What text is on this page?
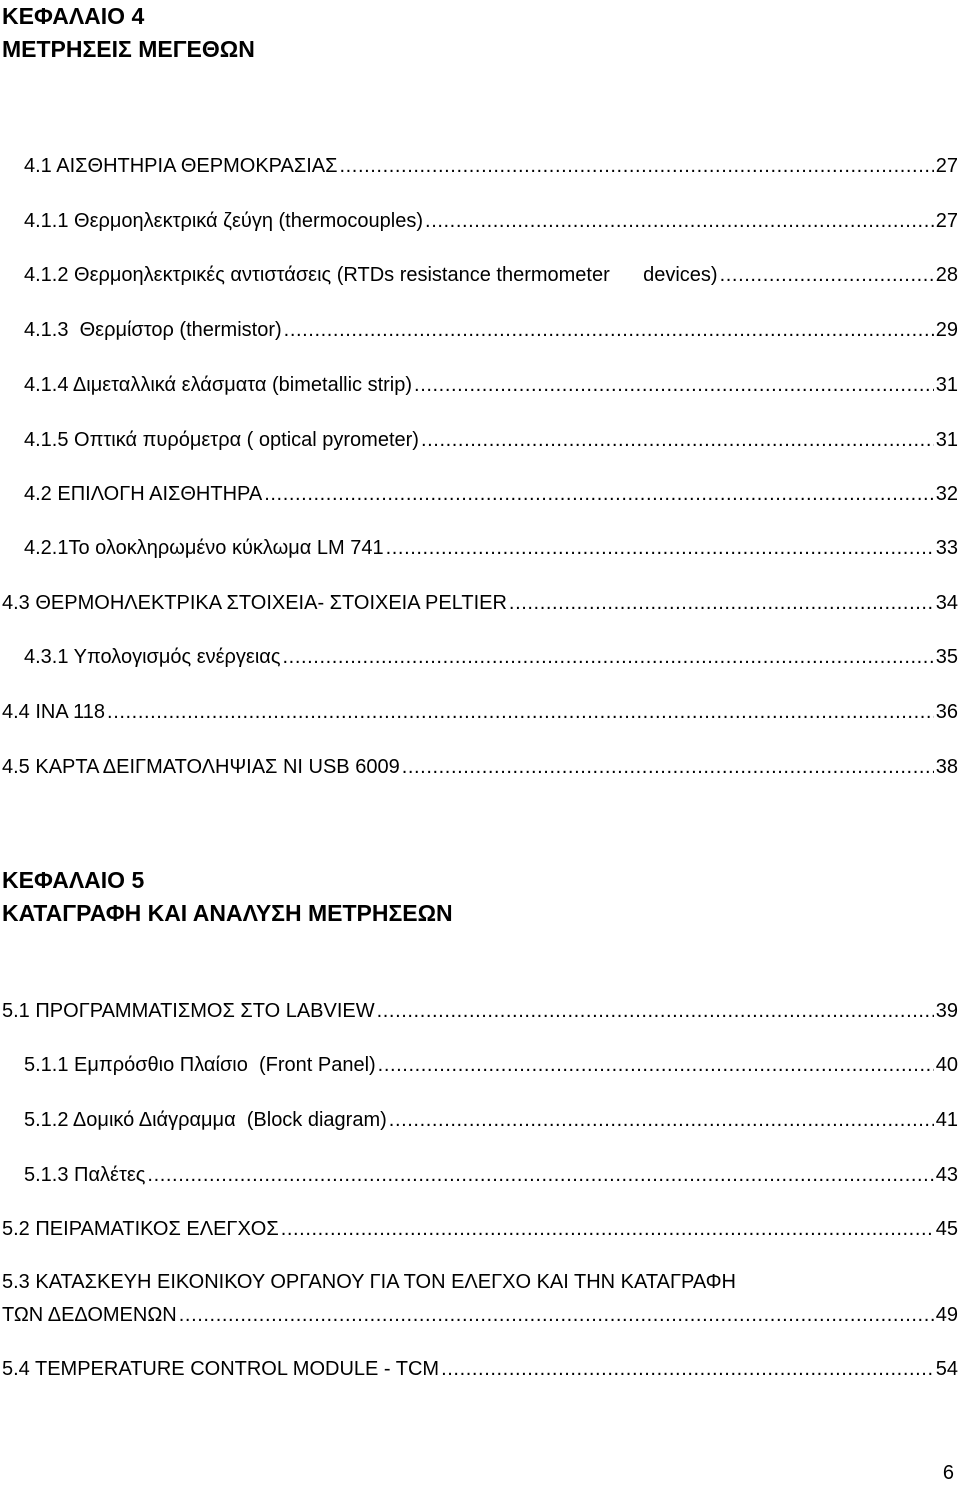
ΚΕΦΑΛΑΙΟ 4
ΜΕΤΡΗΣΕΙΣ ΜΕΓΕΘΩΝ
4.1 ΑΙΣΘΗΤΗΡΙΑ ΘΕΡΜΟΚΡΑΣΙΑΣ .....	27
4.1.1 Θερμοηλεκτρικά ζεύγη (thermocouples) .....	27
4.1.2 Θερμοηλεκτρικές αντιστάσεις (RTDs resistance thermometer      devices) .....	28
4.1.3  Θερμίστορ (thermistor) .....	29
4.1.4 Διμεταλλικά ελάσματα (bimetallic strip) .....	31
4.1.5 Οπτικά πυρόμετρα ( optical pyrometer) .....	31
4.2 ΕΠΙΛΟΓΗ ΑΙΣΘΗΤΗΡΑ .....	32
4.2.1Το ολοκληρωμένο κύκλωμα LM 741 .....	33
4.3 ΘΕΡΜΟΗΛΕΚΤΡΙΚΑ ΣΤΟΙΧΕΙΑ- ΣΤΟΙΧΕΙΑ PELTIER .....	34
4.3.1 Υπολογισμός ενέργειας .....	35
4.4 ΙΝΑ 118 .....	36
4.5 ΚΑΡΤΑ ΔΕΙΓΜΑΤΟΛΗΨΙΑΣ NI USB 6009 .....	38
ΚΕΦΑΛΑΙΟ 5
ΚΑΤΑΓΡΑΦΗ ΚΑΙ ΑΝΑΛΥΣΗ ΜΕΤΡΗΣΕΩΝ
5.1 ΠΡΟΓΡΑΜΜΑΤΙΣΜΟΣ ΣΤΟ LABVIEW .....	39
5.1.1 Εμπρόσθιο Πλαίσιο  (Front Panel) .....	40
5.1.2 Δομικό Διάγραμμα  (Block diagram) .....	41
5.1.3 Παλέτες .....	43
5.2 ΠΕΙΡΑΜΑΤΙΚΟΣ ΕΛΕΓΧΟΣ .....	45
5.3 ΚΑΤΑΣΚΕΥΗ ΕΙΚΟΝΙΚΟΥ ΟΡΓΑΝΟΥ ΓΙΑ ΤΟΝ ΕΛΕΓΧΟ ΚΑΙ ΤΗΝ ΚΑΤΑΓΡΑΦΗ
ΤΩΝ ΔΕΔΟΜΕΝΩΝ .....	49
5.4 TEMPERATURE CONTROL MODULE - TCM .....	54
6
